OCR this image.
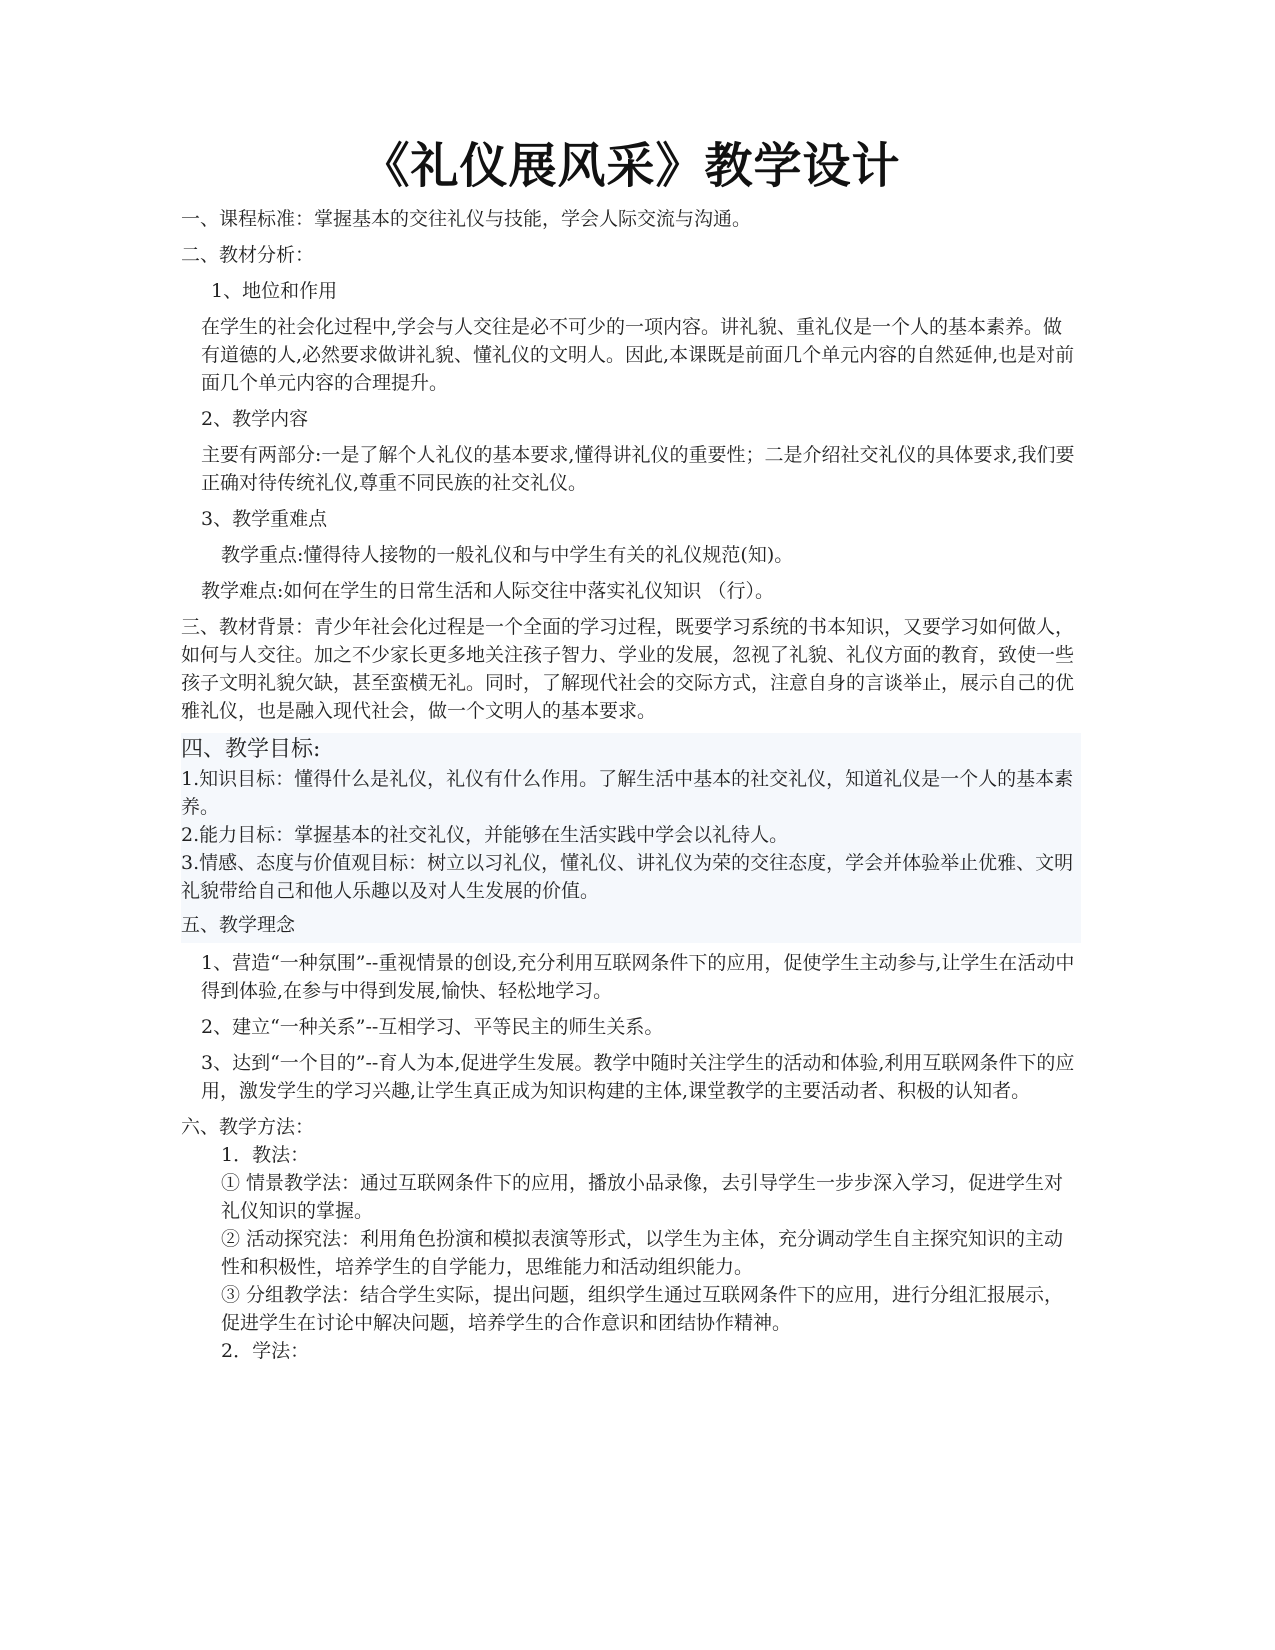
《礼仪展风采》教学设计

一、课程标准：掌握基本的交往礼仪与技能，学会人际交流与沟通。

二、教材分析：

1、地位和作用

在学生的社会化过程中,学会与人交往是必不可少的一项内容。讲礼貌、重礼仪是一个人的基本素养。做有道德的人,必然要求做讲礼貌、懂礼仪的文明人。因此,本课既是前面几个单元内容的自然延伸,也是对前面几个单元内容的合理提升。

2、教学内容

主要有两部分:一是了解个人礼仪的基本要求,懂得讲礼仪的重要性；二是介绍社交礼仪的具体要求,我们要正确对待传统礼仪,尊重不同民族的社交礼仪。

3、教学重难点

教学重点:懂得待人接物的一般礼仪和与中学生有关的礼仪规范(知)。

教学难点:如何在学生的日常生活和人际交往中落实礼仪知识 （行）。

三、教材背景：青少年社会化过程是一个全面的学习过程，既要学习系统的书本知识，又要学习如何做人，如何与人交往。加之不少家长更多地关注孩子智力、学业的发展，忽视了礼貌、礼仪方面的教育，致使一些孩子文明礼貌欠缺，甚至蛮横无礼。同时，了解现代社会的交际方式，注意自身的言谈举止，展示自己的优雅礼仪，也是融入现代社会，做一个文明人的基本要求。

四、教学目标:

1.知识目标：懂得什么是礼仪，礼仪有什么作用。了解生活中基本的社交礼仪，知道礼仪是一个人的基本素养。

2.能力目标：掌握基本的社交礼仪，并能够在生活实践中学会以礼待人。

3.情感、态度与价值观目标：树立以习礼仪，懂礼仪、讲礼仪为荣的交往态度，学会并体验举止优雅、文明礼貌带给自己和他人乐趣以及对人生发展的价值。

五、教学理念

1、营造“一种氛围”--重视情景的创设,充分利用互联网条件下的应用，促使学生主动参与,让学生在活动中得到体验,在参与中得到发展,愉快、轻松地学习。

2、建立“一种关系”--互相学习、平等民主的师生关系。

3、达到“一个目的”--育人为本,促进学生发展。教学中随时关注学生的活动和体验,利用互联网条件下的应用，激发学生的学习兴趣,让学生真正成为知识构建的主体,课堂教学的主要活动者、积极的认知者。

六、教学方法：

1．教法：

① 情景教学法：通过互联网条件下的应用，播放小品录像，去引导学生一步步深入学习，促进学生对礼仪知识的掌握。

② 活动探究法：利用角色扮演和模拟表演等形式，以学生为主体，充分调动学生自主探究知识的主动性和积极性，培养学生的自学能力，思维能力和活动组织能力。

③ 分组教学法：结合学生实际，提出问题，组织学生通过互联网条件下的应用，进行分组汇报展示，促进学生在讨论中解决问题，培养学生的合作意识和团结协作精神。

2．学法：
